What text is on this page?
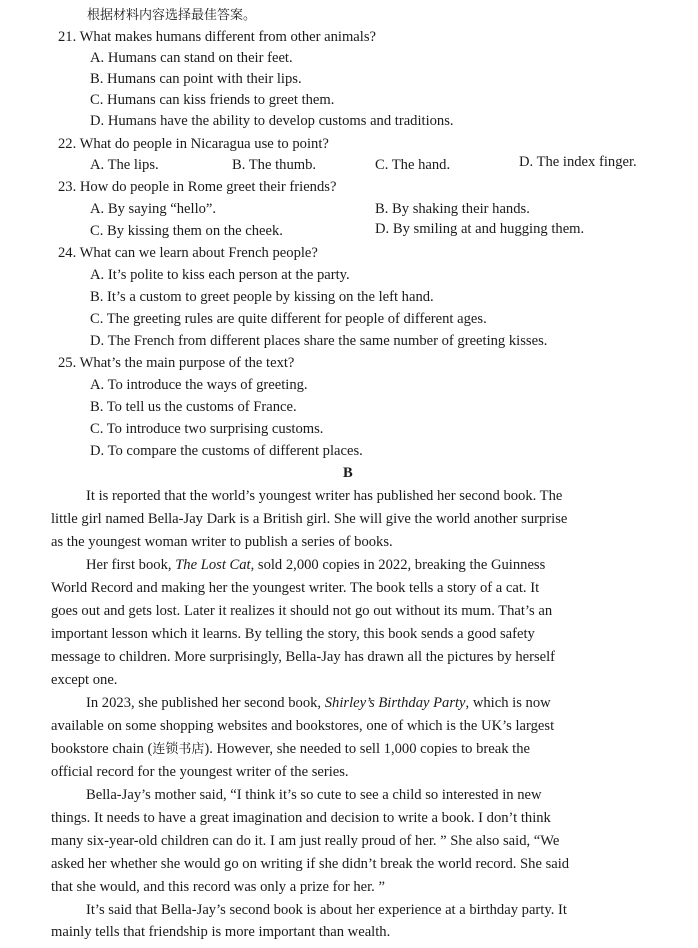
根据材料内容选择最佳答案。
21. What makes humans different from other animals?
A. Humans can stand on their feet.
B. Humans can point with their lips.
C. Humans can kiss friends to greet them.
D. Humans have the ability to develop customs and traditions.
22. What do people in Nicaragua use to point?
A. The lips.	B. The thumb.	C. The hand.	D. The index finger.
23. How do people in Rome greet their friends?
A. By saying “hello”.	B. By shaking their hands.
C. By kissing them on the cheek.	D. By smiling at and hugging them.
24. What can we learn about French people?
A. It’s polite to kiss each person at the party.
B. It’s a custom to greet people by kissing on the left hand.
C. The greeting rules are quite different for people of different ages.
D. The French from different places share the same number of greeting kisses.
25. What’s the main purpose of the text?
A. To introduce the ways of greeting.
B. To tell us the customs of France.
C. To introduce two surprising customs.
D. To compare the customs of different places.
B
It is reported that the world’s youngest writer has published her second book. The
little girl named Bella-Jay Dark is a British girl. She will give the world another surprise
as the youngest woman writer to publish a series of books.
Her first book, The Lost Cat, sold 2,000 copies in 2022, breaking the Guinness
World Record and making her the youngest writer. The book tells a story of a cat. It
goes out and gets lost. Later it realizes it should not go out without its mum. That’s an
important lesson which it learns. By telling the story, this book sends a good safety
message to children. More surprisingly, Bella-Jay has drawn all the pictures by herself
except one.
In 2023, she published her second book, Shirley’s Birthday Party, which is now
available on some shopping websites and bookstores, one of which is the UK’s largest
bookstore chain (连锁书店). However, she needed to sell 1,000 copies to break the
official record for the youngest writer of the series.
Bella-Jay’s mother said, “I think it’s so cute to see a child so interested in new
things. It needs to have a great imagination and decision to write a book. I don’t think
many six-year-old children can do it. I am just really proud of her. ” She also said, “We
asked her whether she would go on writing if she didn’t break the world record. She said
that she would, and this record was only a prize for her. ”
It’s said that Bella-Jay’s second book is about her experience at a birthday party. It
mainly tells that friendship is more important than wealth.
